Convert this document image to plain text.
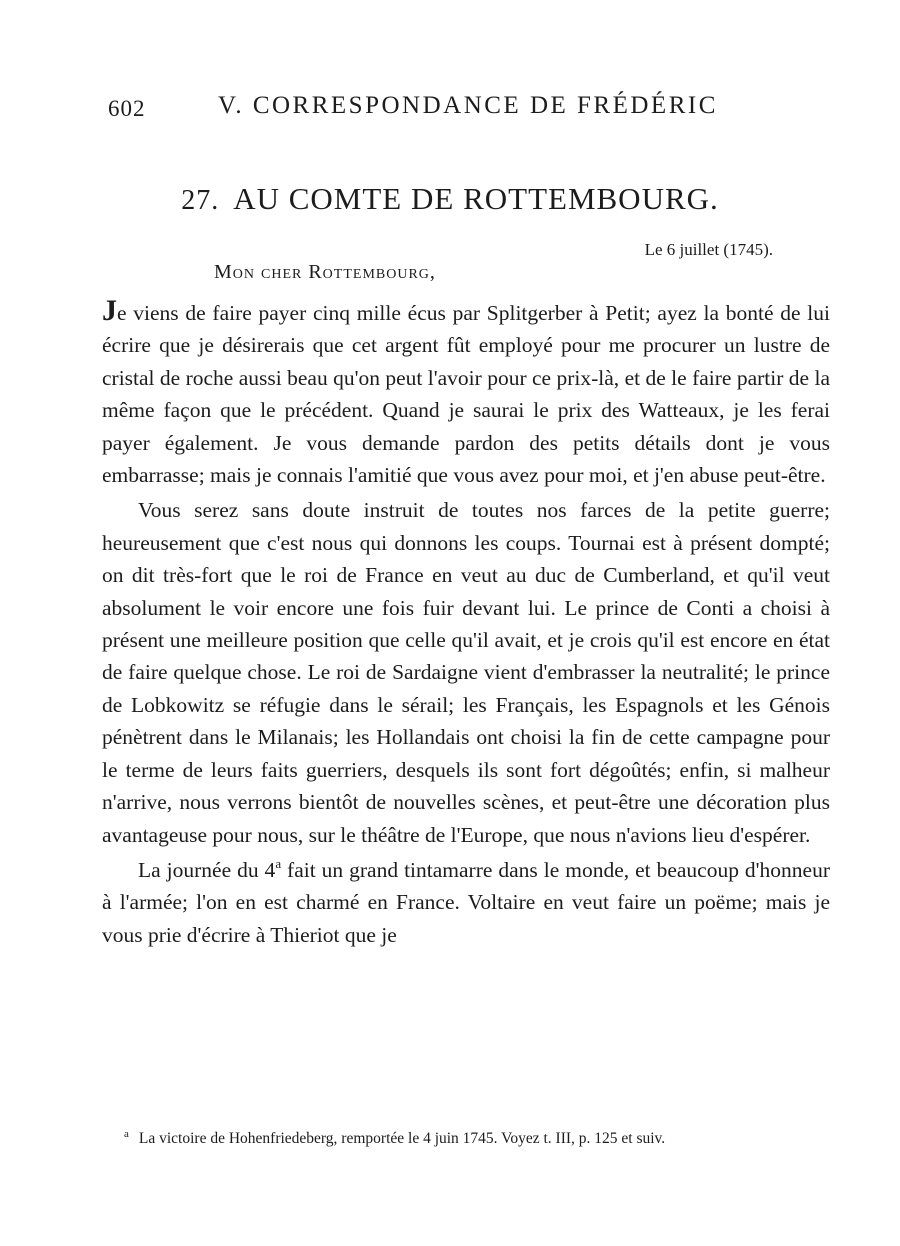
602	V. CORRESPONDANCE DE FRÉDÉRIC
27. AU COMTE DE ROTTEMBOURG.
Le 6 juillet (1745).
Mon cher Rottembourg,

Je viens de faire payer cinq mille écus par Splitgerber à Petit; ayez la bonté de lui écrire que je désirerais que cet argent fût employé pour me procurer un lustre de cristal de roche aussi beau qu'on peut l'avoir pour ce prix-là, et de le faire partir de la même façon que le précédent. Quand je saurai le prix des Watteaux, je les ferai payer également. Je vous demande pardon des petits détails dont je vous embarrasse; mais je connais l'amitié que vous avez pour moi, et j'en abuse peut-être.

Vous serez sans doute instruit de toutes nos farces de la petite guerre; heureusement que c'est nous qui donnons les coups. Tournai est à présent dompté; on dit très-fort que le roi de France en veut au duc de Cumberland, et qu'il veut absolument le voir encore une fois fuir devant lui. Le prince de Conti a choisi à présent une meilleure position que celle qu'il avait, et je crois qu'il est encore en état de faire quelque chose. Le roi de Sardaigne vient d'embrasser la neutralité; le prince de Lobkowitz se réfugie dans le sérail; les Français, les Espagnols et les Génois pénètrent dans le Milanais; les Hollandais ont choisi la fin de cette campagne pour le terme de leurs faits guerriers, desquels ils sont fort dégoûtés; enfin, si malheur n'arrive, nous verrons bientôt de nouvelles scènes, et peut-être une décoration plus avantageuse pour nous, sur le théâtre de l'Europe, que nous n'avions lieu d'espérer.

La journée du 4$^a$ fait un grand tintamarre dans le monde, et beaucoup d'honneur à l'armée; l'on en est charmé en France. Voltaire en veut faire un poëme; mais je vous prie d'écrire à Thieriot que je

$^a$ La victoire de Hohenfriedeberg, remportée le 4 juin 1745. Voyez t. III, p. 125 et suiv.
